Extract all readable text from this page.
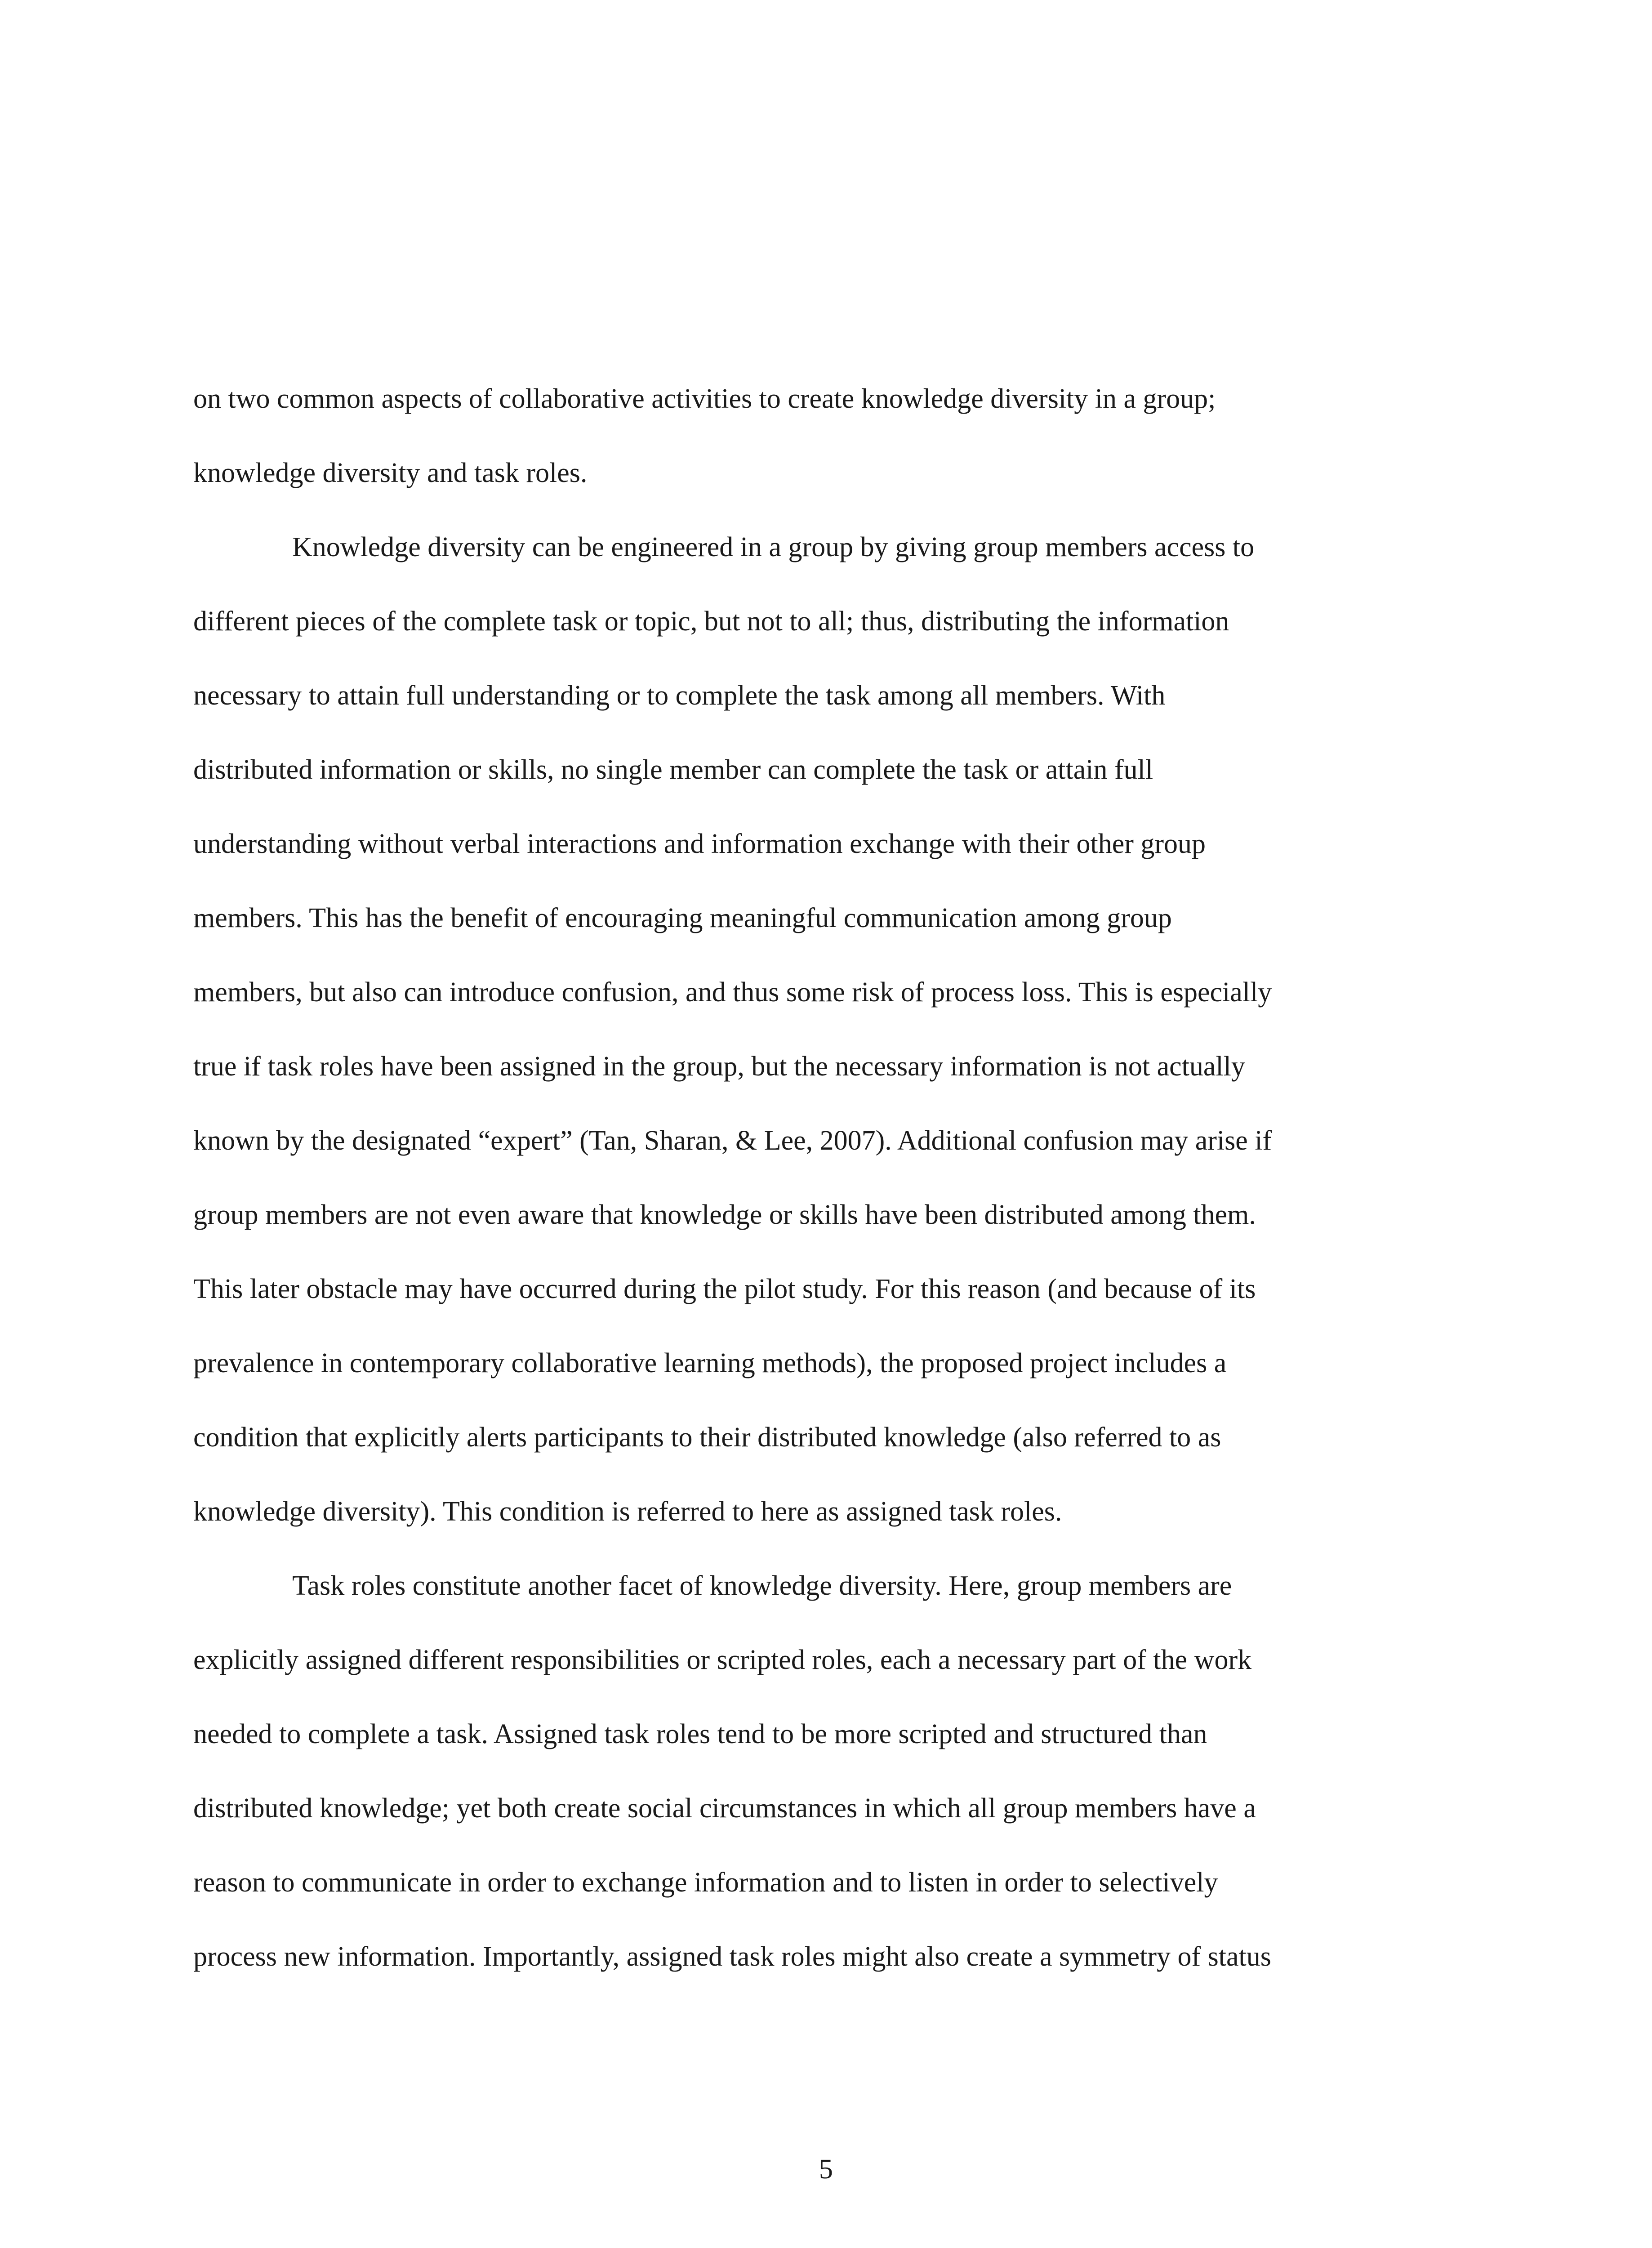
on two common aspects of collaborative activities to create knowledge diversity in a group;
knowledge diversity and task roles.
Knowledge diversity can be engineered in a group by giving group members access to
different pieces of the complete task or topic, but not to all; thus, distributing the information
necessary to attain full understanding or to complete the task among all members. With
distributed information or skills, no single member can complete the task or attain full
understanding without verbal interactions and information exchange with their other group
members. This has the benefit of encouraging meaningful communication among group
members, but also can introduce confusion, and thus some risk of process loss. This is especially
true if task roles have been assigned in the group, but the necessary information is not actually
known by the designated “expert” (Tan, Sharan, & Lee, 2007). Additional confusion may arise if
group members are not even aware that knowledge or skills have been distributed among them.
This later obstacle may have occurred during the pilot study. For this reason (and because of its
prevalence in contemporary collaborative learning methods), the proposed project includes a
condition that explicitly alerts participants to their distributed knowledge (also referred to as
knowledge diversity). This condition is referred to here as assigned task roles.
Task roles constitute another facet of knowledge diversity. Here, group members are
explicitly assigned different responsibilities or scripted roles, each a necessary part of the work
needed to complete a task. Assigned task roles tend to be more scripted and structured than
distributed knowledge; yet both create social circumstances in which all group members have a
reason to communicate in order to exchange information and to listen in order to selectively
process new information. Importantly, assigned task roles might also create a symmetry of status
5
